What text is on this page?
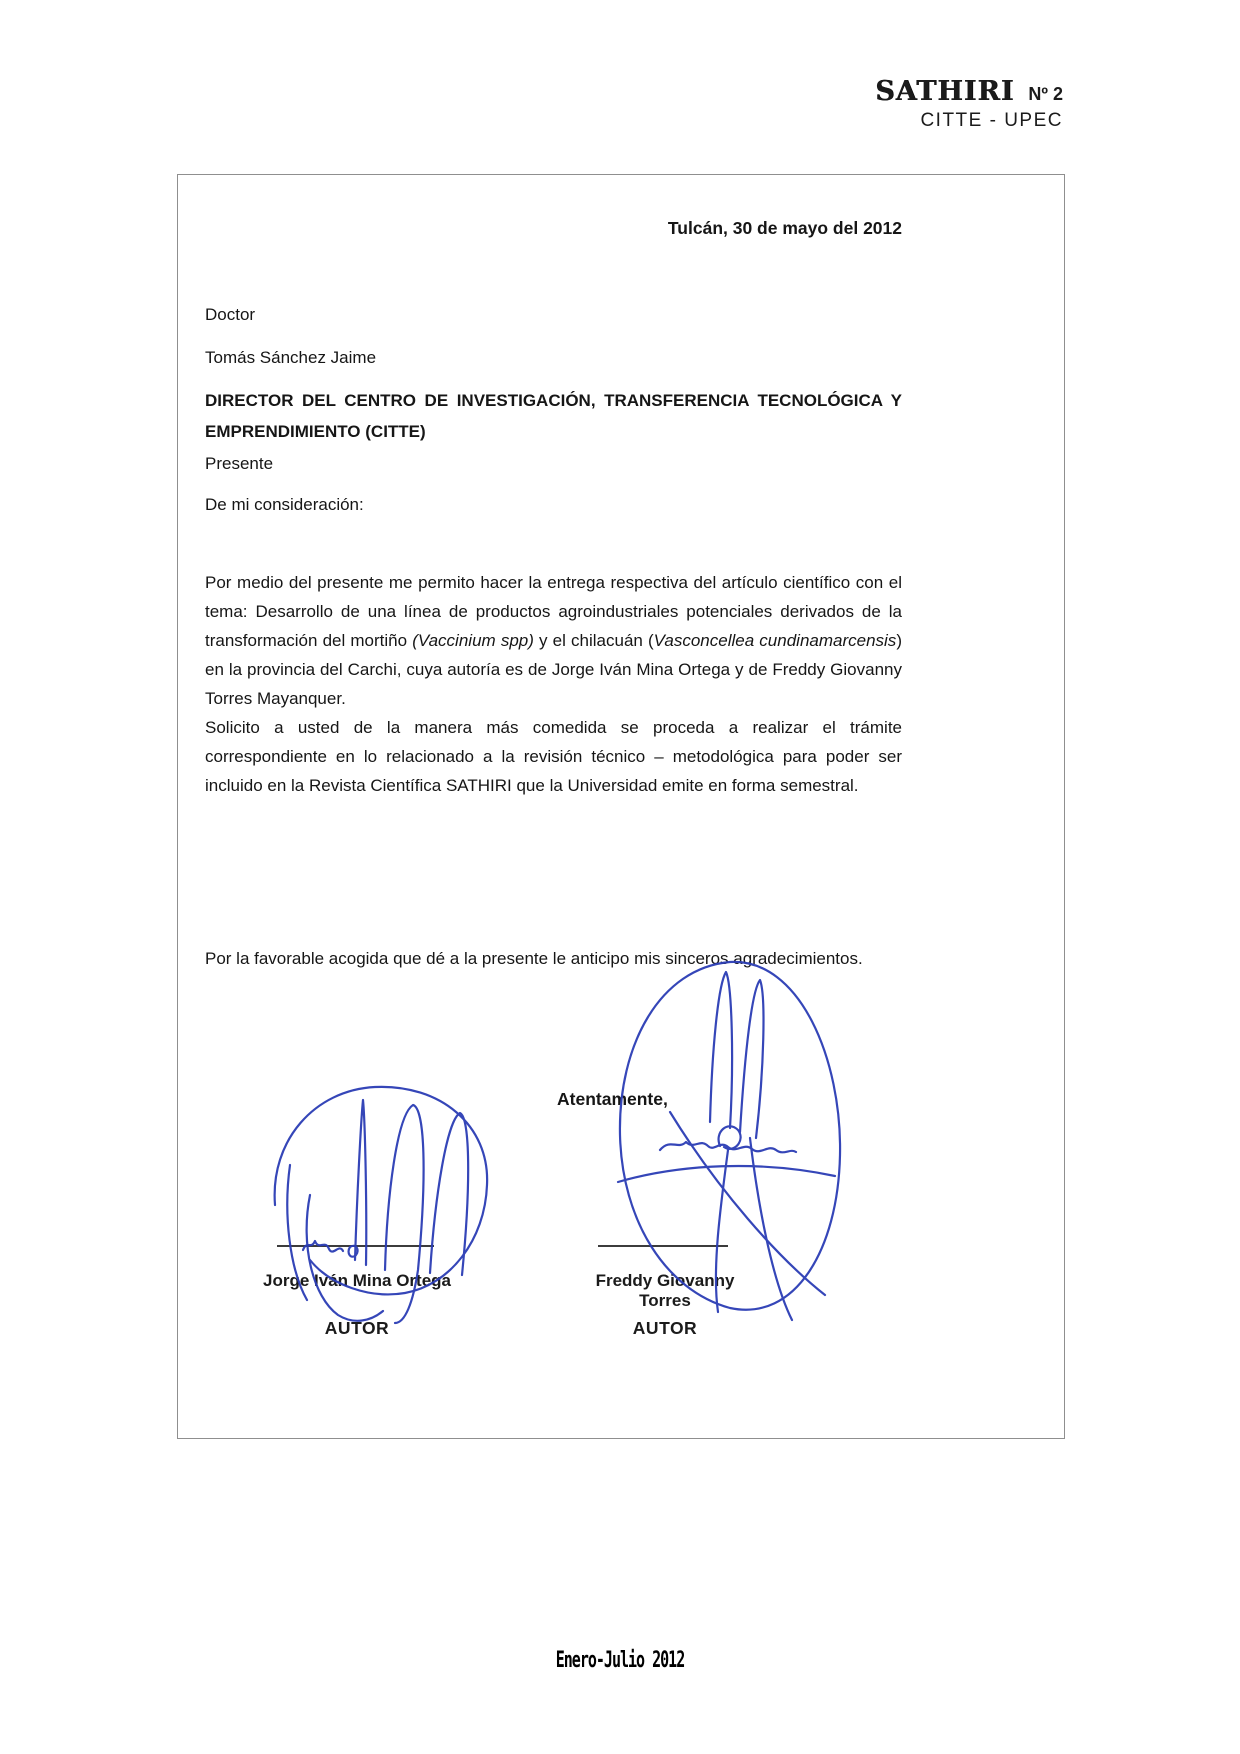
SATHIRI Nº 2
CITTE - UPEC
Tulcán, 30 de mayo del 2012
Doctor
Tomás Sánchez Jaime
DIRECTOR DEL CENTRO DE INVESTIGACIÓN, TRANSFERENCIA TECNOLÓGICA Y EMPRENDIMIENTO (CITTE)
Presente
De mi consideración:
Por medio del presente me permito hacer la entrega respectiva del artículo científico con el tema: Desarrollo de una línea de productos agroindustriales potenciales derivados de la transformación del mortiño (Vaccinium spp) y el chilacuán (Vasconcellea cundinamarcensis) en la provincia del Carchi, cuya autoría es de Jorge Iván Mina Ortega y de Freddy Giovanny Torres Mayanquer.
Solicito a usted de la manera más comedida se proceda a realizar el trámite correspondiente en lo relacionado a la revisión técnico – metodológica para poder ser incluido en la Revista Científica SATHIRI que la Universidad emite en forma semestral.
Por la favorable acogida que dé a la presente le anticipo mis sinceros agradecimientos.
Atentamente,
Jorge Iván Mina Ortega
AUTOR
Freddy Giovanny Torres
AUTOR
Enero-Julio 2012
